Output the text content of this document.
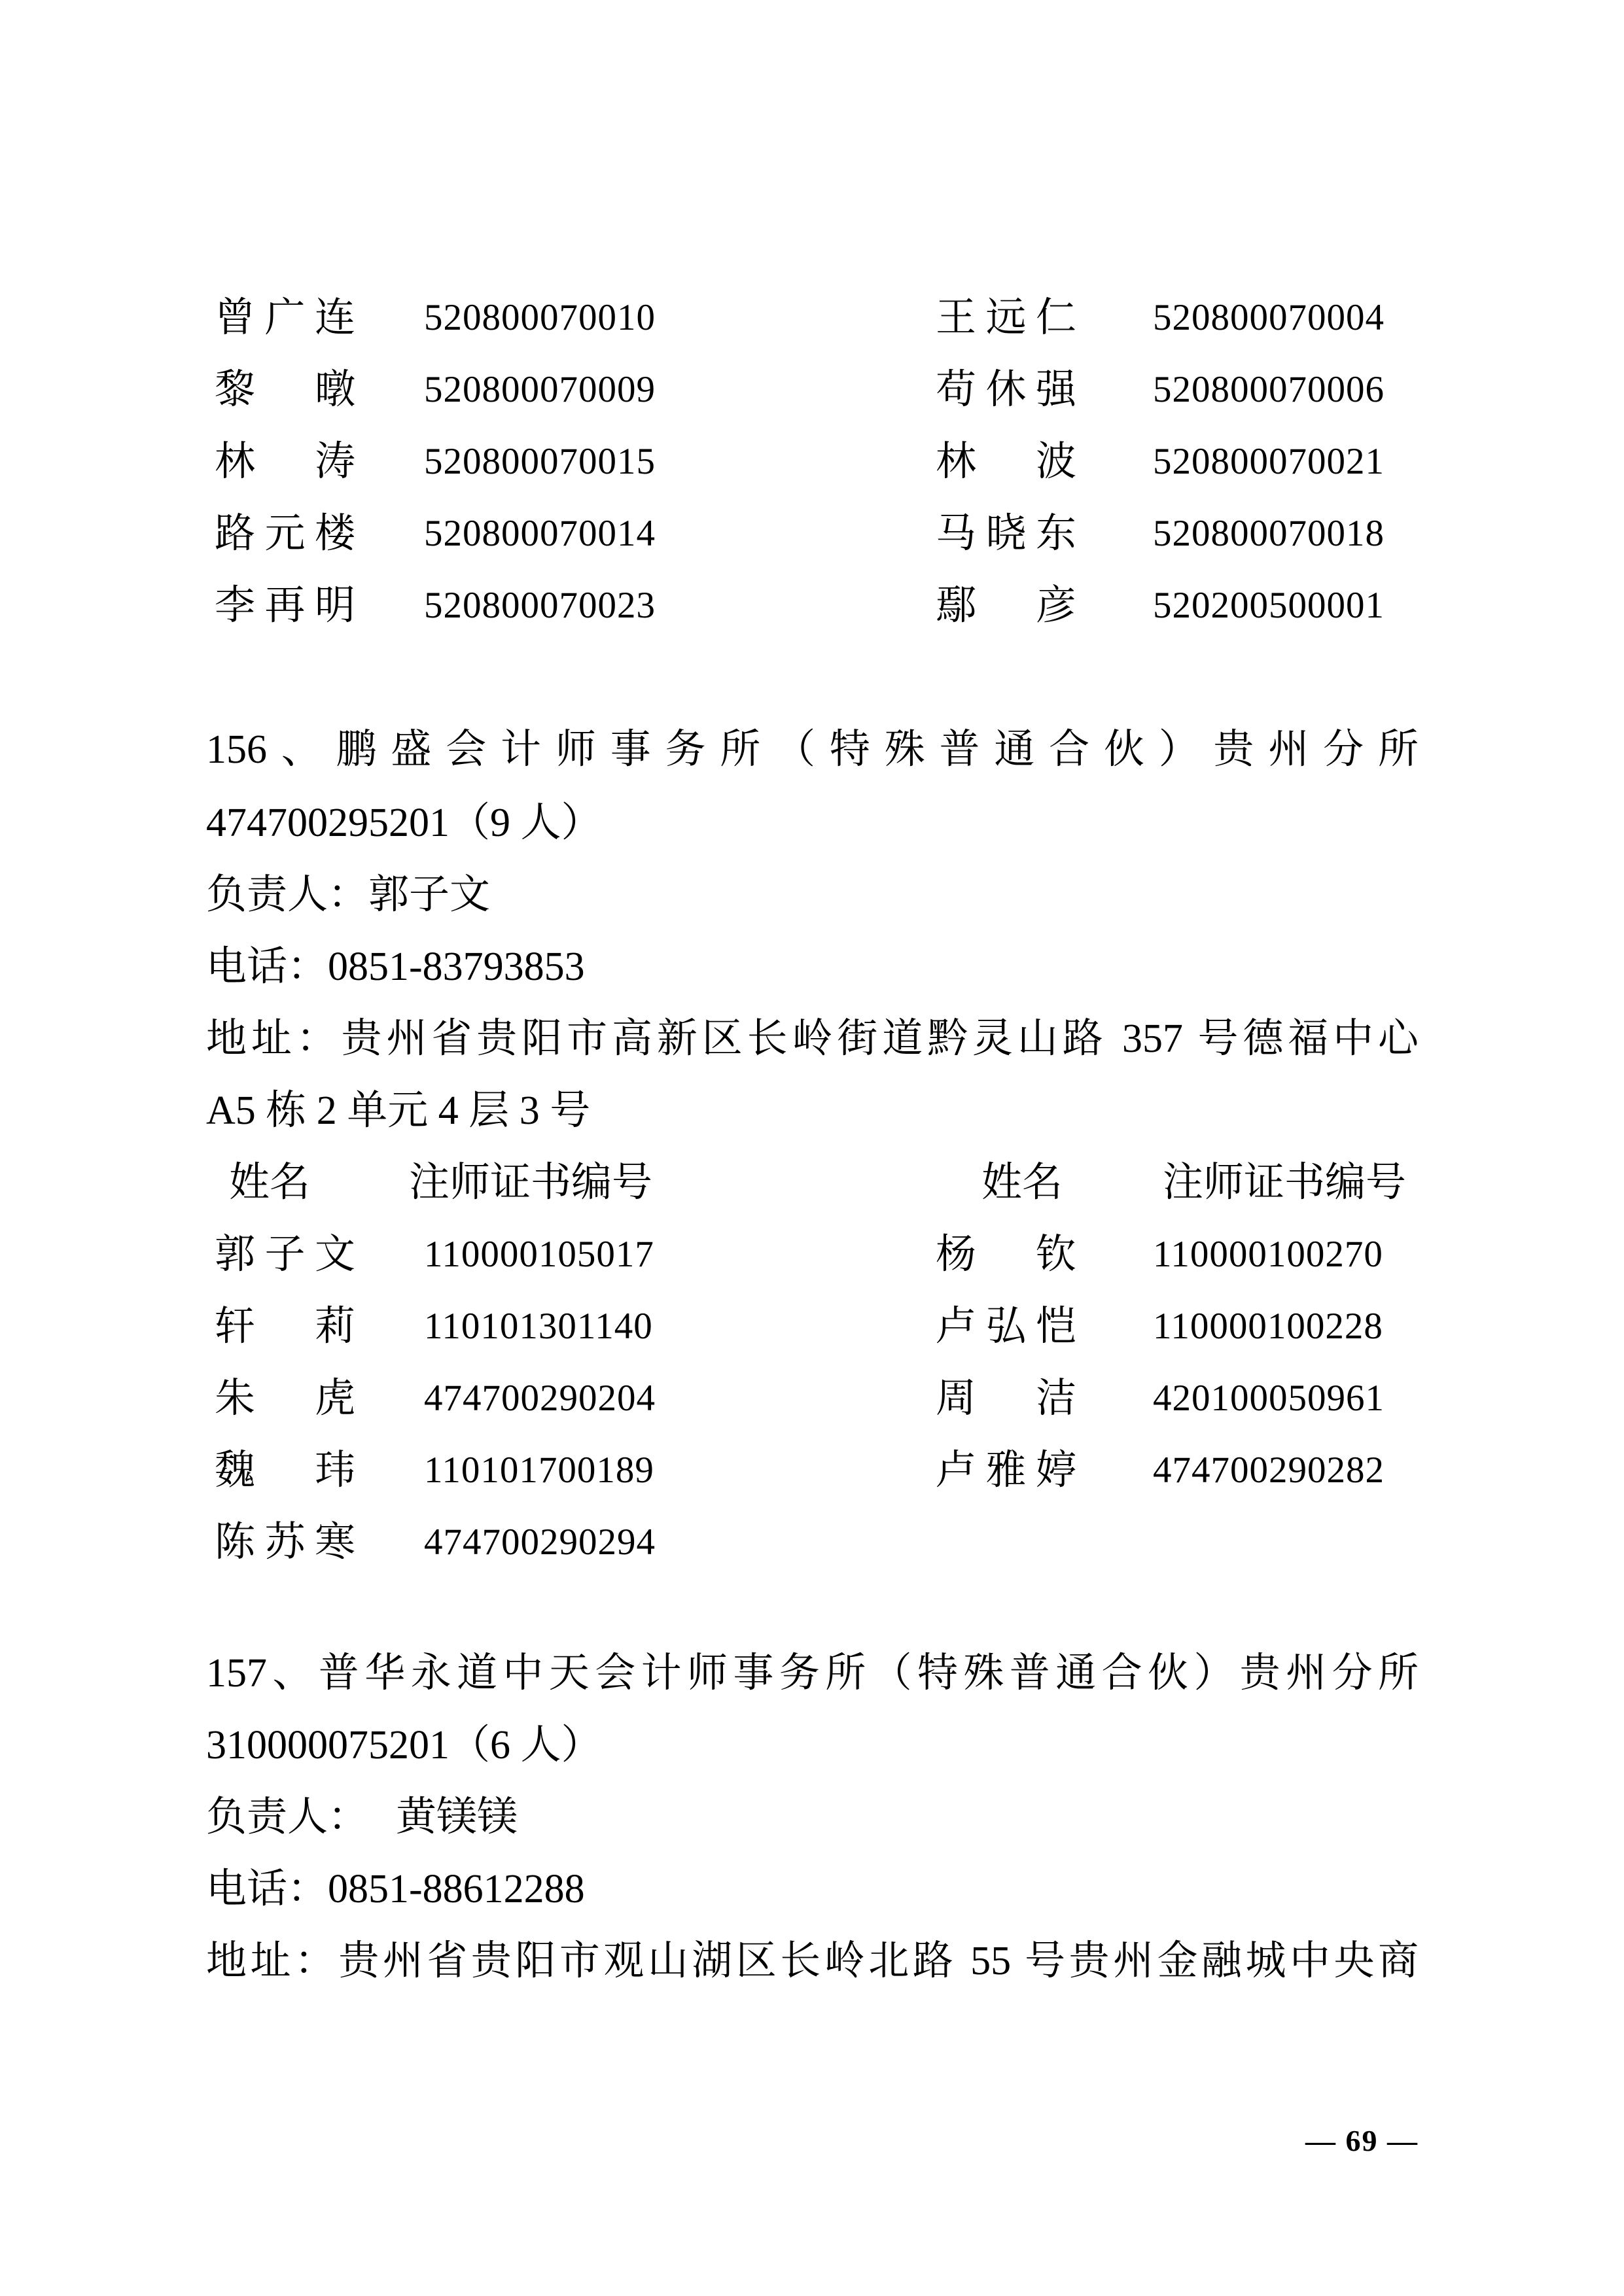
曾广连 520800070010	王远仁 520800070004
黎暾 520800070009	苟休强 520800070006
林涛 520800070015	林波 520800070021
路元楼 520800070014	马晓东 520800070018
李再明 520800070023	鄢彦 520200500001
156、鹏盛会计师事务所（特殊普通合伙）贵州分所
474700295201（9 人）
负责人：郭子文
电话：0851-83793853
地址：贵州省贵阳市高新区长岭街道黔灵山路 357 号德福中心
A5 栋 2 单元 4 层 3 号
姓名 注师证书编号	姓名 注师证书编号
郭子文 110000105017	杨钦 110000100270
轩莉 110101301140	卢弘恺 110000100228
朱虎 474700290204	周洁 420100050961
魏玮 110101700189	卢雅婷 474700290282
陈苏寒 474700290294
157、普华永道中天会计师事务所（特殊普通合伙）贵州分所
310000075201（6 人）
负责人： 黄镁镁
电话：0851-88612288
地址：贵州省贵阳市观山湖区长岭北路 55 号贵州金融城中央商
— 69 —
